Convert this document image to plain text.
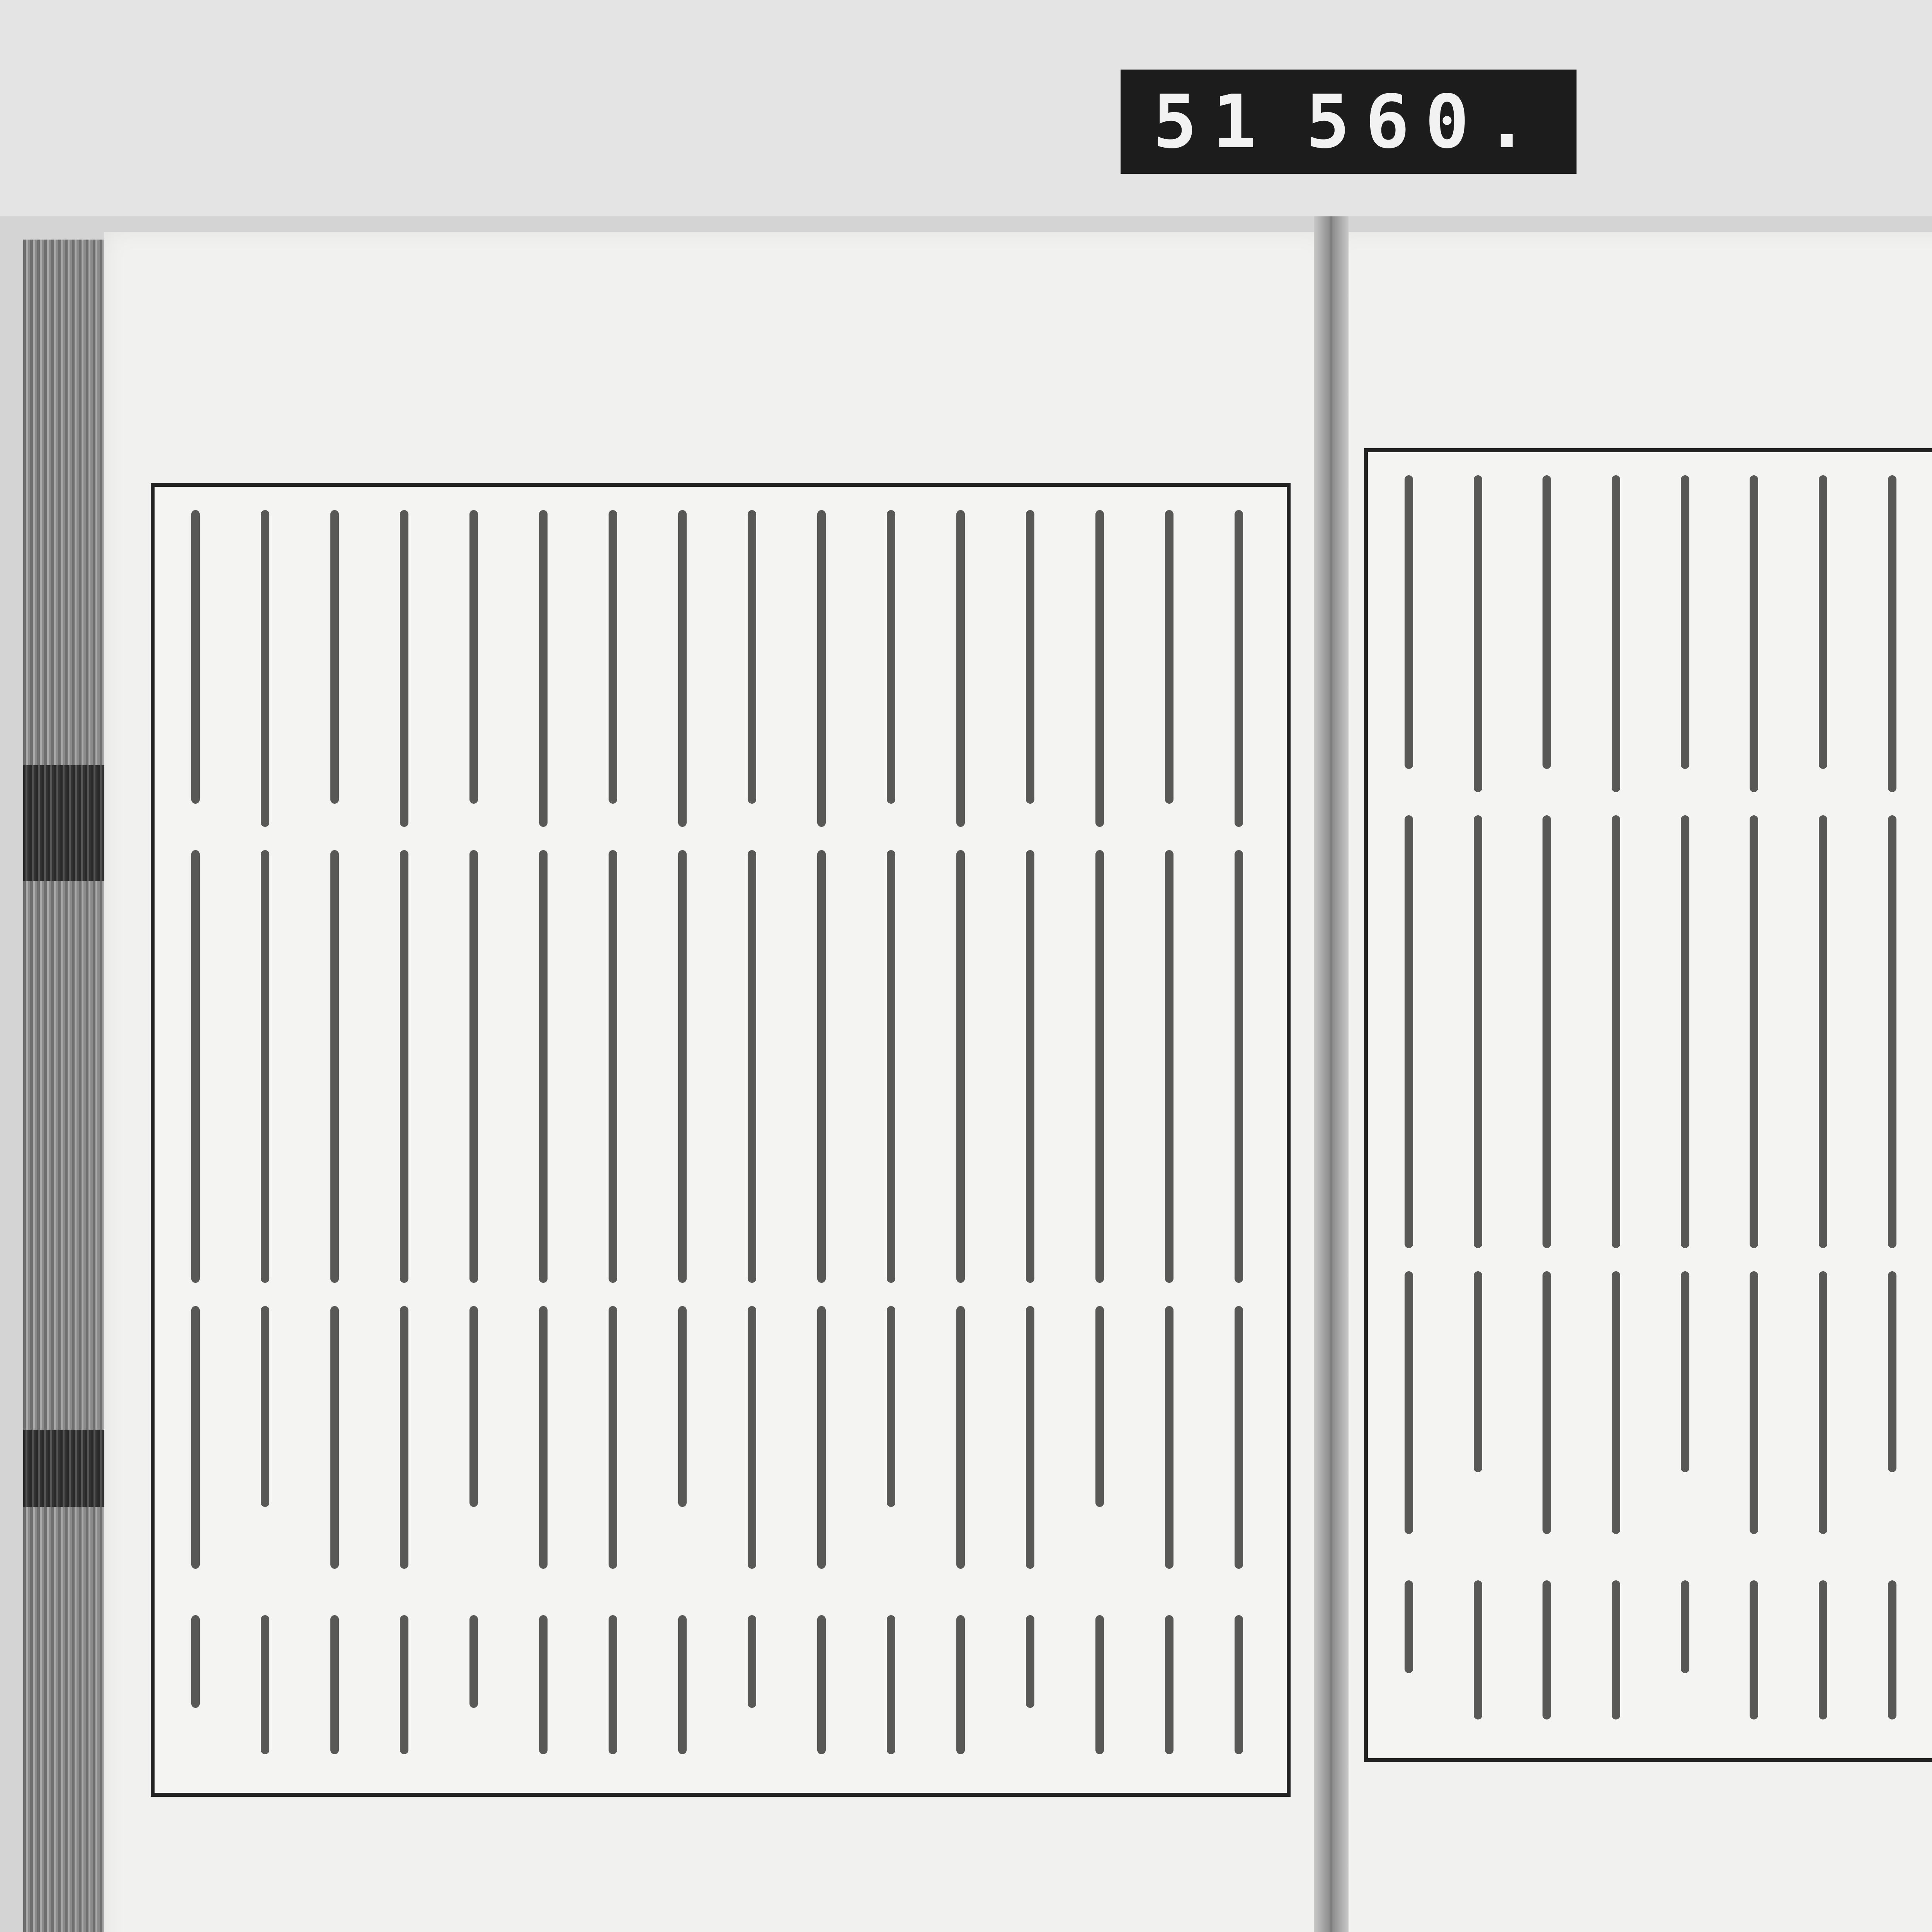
51 560.
